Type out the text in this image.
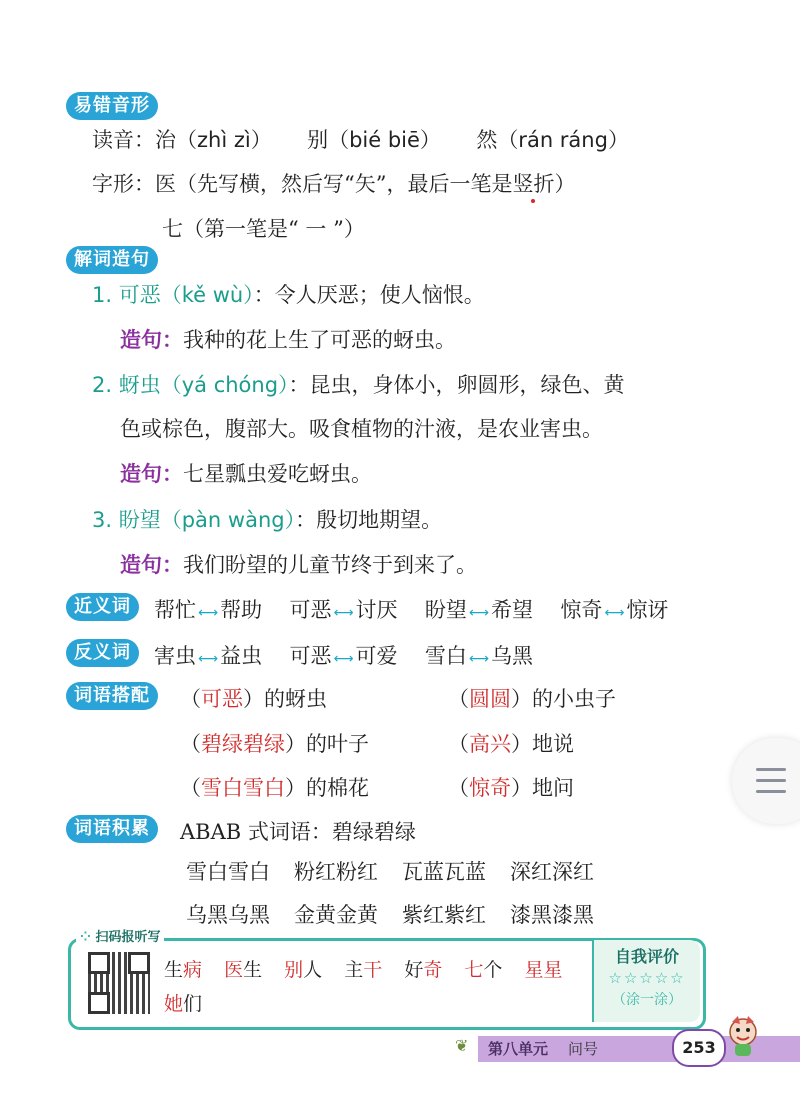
易错音形
读音：治（zhì zì） 别（bié biē） 然（rán ráng）
字形：医（先写横，然后写“矢”，最后一笔是竖折）
七（第一笔是“ 一 ”）
解词造句
1. 可恶（kě wù）：令人厌恶；使人恼恨。
造句：我种的花上生了可恶的蚜虫。
2. 蚜虫（yá chóng）：昆虫，身体小，卵圆形，绿色、黄
色或棕色，腹部大。吸食植物的汁液，是农业害虫。
造句：七星瓢虫爱吃蚜虫。
3. 盼望（pàn wàng）：殷切地期望。
造句：我们盼望的儿童节终于到来了。
近义词	帮忙 ⟷帮助 可恶 ⟷讨厌 盼望 ⟷希望 惊奇 ⟷惊讶
反义词	害虫 ⟷益虫 可恶 ⟷可爱 雪白 ⟷乌黑
词语搭配	（可恶）的蚜虫	（圆圆）的小虫子
（碧绿碧绿）的叶子	（高兴）地说
（雪白雪白）的棉花	（惊奇）地问
词语积累	ABAB 式词语：碧绿碧绿
雪白雪白 粉红粉红 瓦蓝瓦蓝 深红深红
乌黑乌黑 金黄金黄 紫红紫红 漆黑漆黑
⁘ 扫码报听写
生病 医生 别人 主干 好奇 七个 星星
她们
自我评价
☆☆☆☆☆
（涂一涂）
❦ 第八单元 问号	253
